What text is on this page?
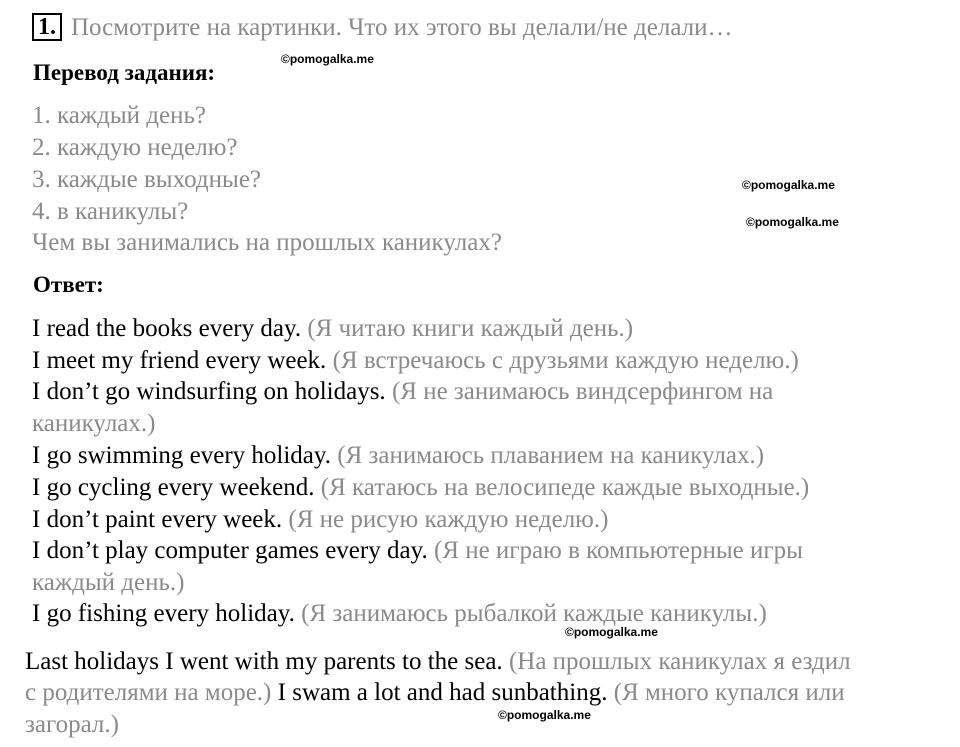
1. Посмотрите на картинки. Что их этого вы делали/не делали…
©pomogalka.me
©pomogalka.me
©pomogalka.me
©pomogalka.me
©pomogalka.me
Перевод задания:
1. каждый день?
2. каждую неделю?
3. каждые выходные?
4. в каникулы?
Чем вы занимались на прошлых каникулах?
Ответ:
I read the books every day. (Я читаю книги каждый день.)
I meet my friend every week. (Я встречаюсь с друзьями каждую неделю.)
I don’t go windsurfing on holidays. (Я не занимаюсь виндсерфингом на
каникулах.)
I go swimming every holiday. (Я занимаюсь плаванием на каникулах.)
I go cycling every weekend. (Я катаюсь на велосипеде каждые выходные.)
I don’t paint every week. (Я не рисую каждую неделю.)
I don’t play computer games every day. (Я не играю в компьютерные игры
каждый день.)
I go fishing every holiday. (Я занимаюсь рыбалкой каждые каникулы.)
Last holidays I went with my parents to the sea. (На прошлых каникулах я ездил
с родителями на море.) I swam a lot and had sunbathing. (Я много купался или
загорал.)
